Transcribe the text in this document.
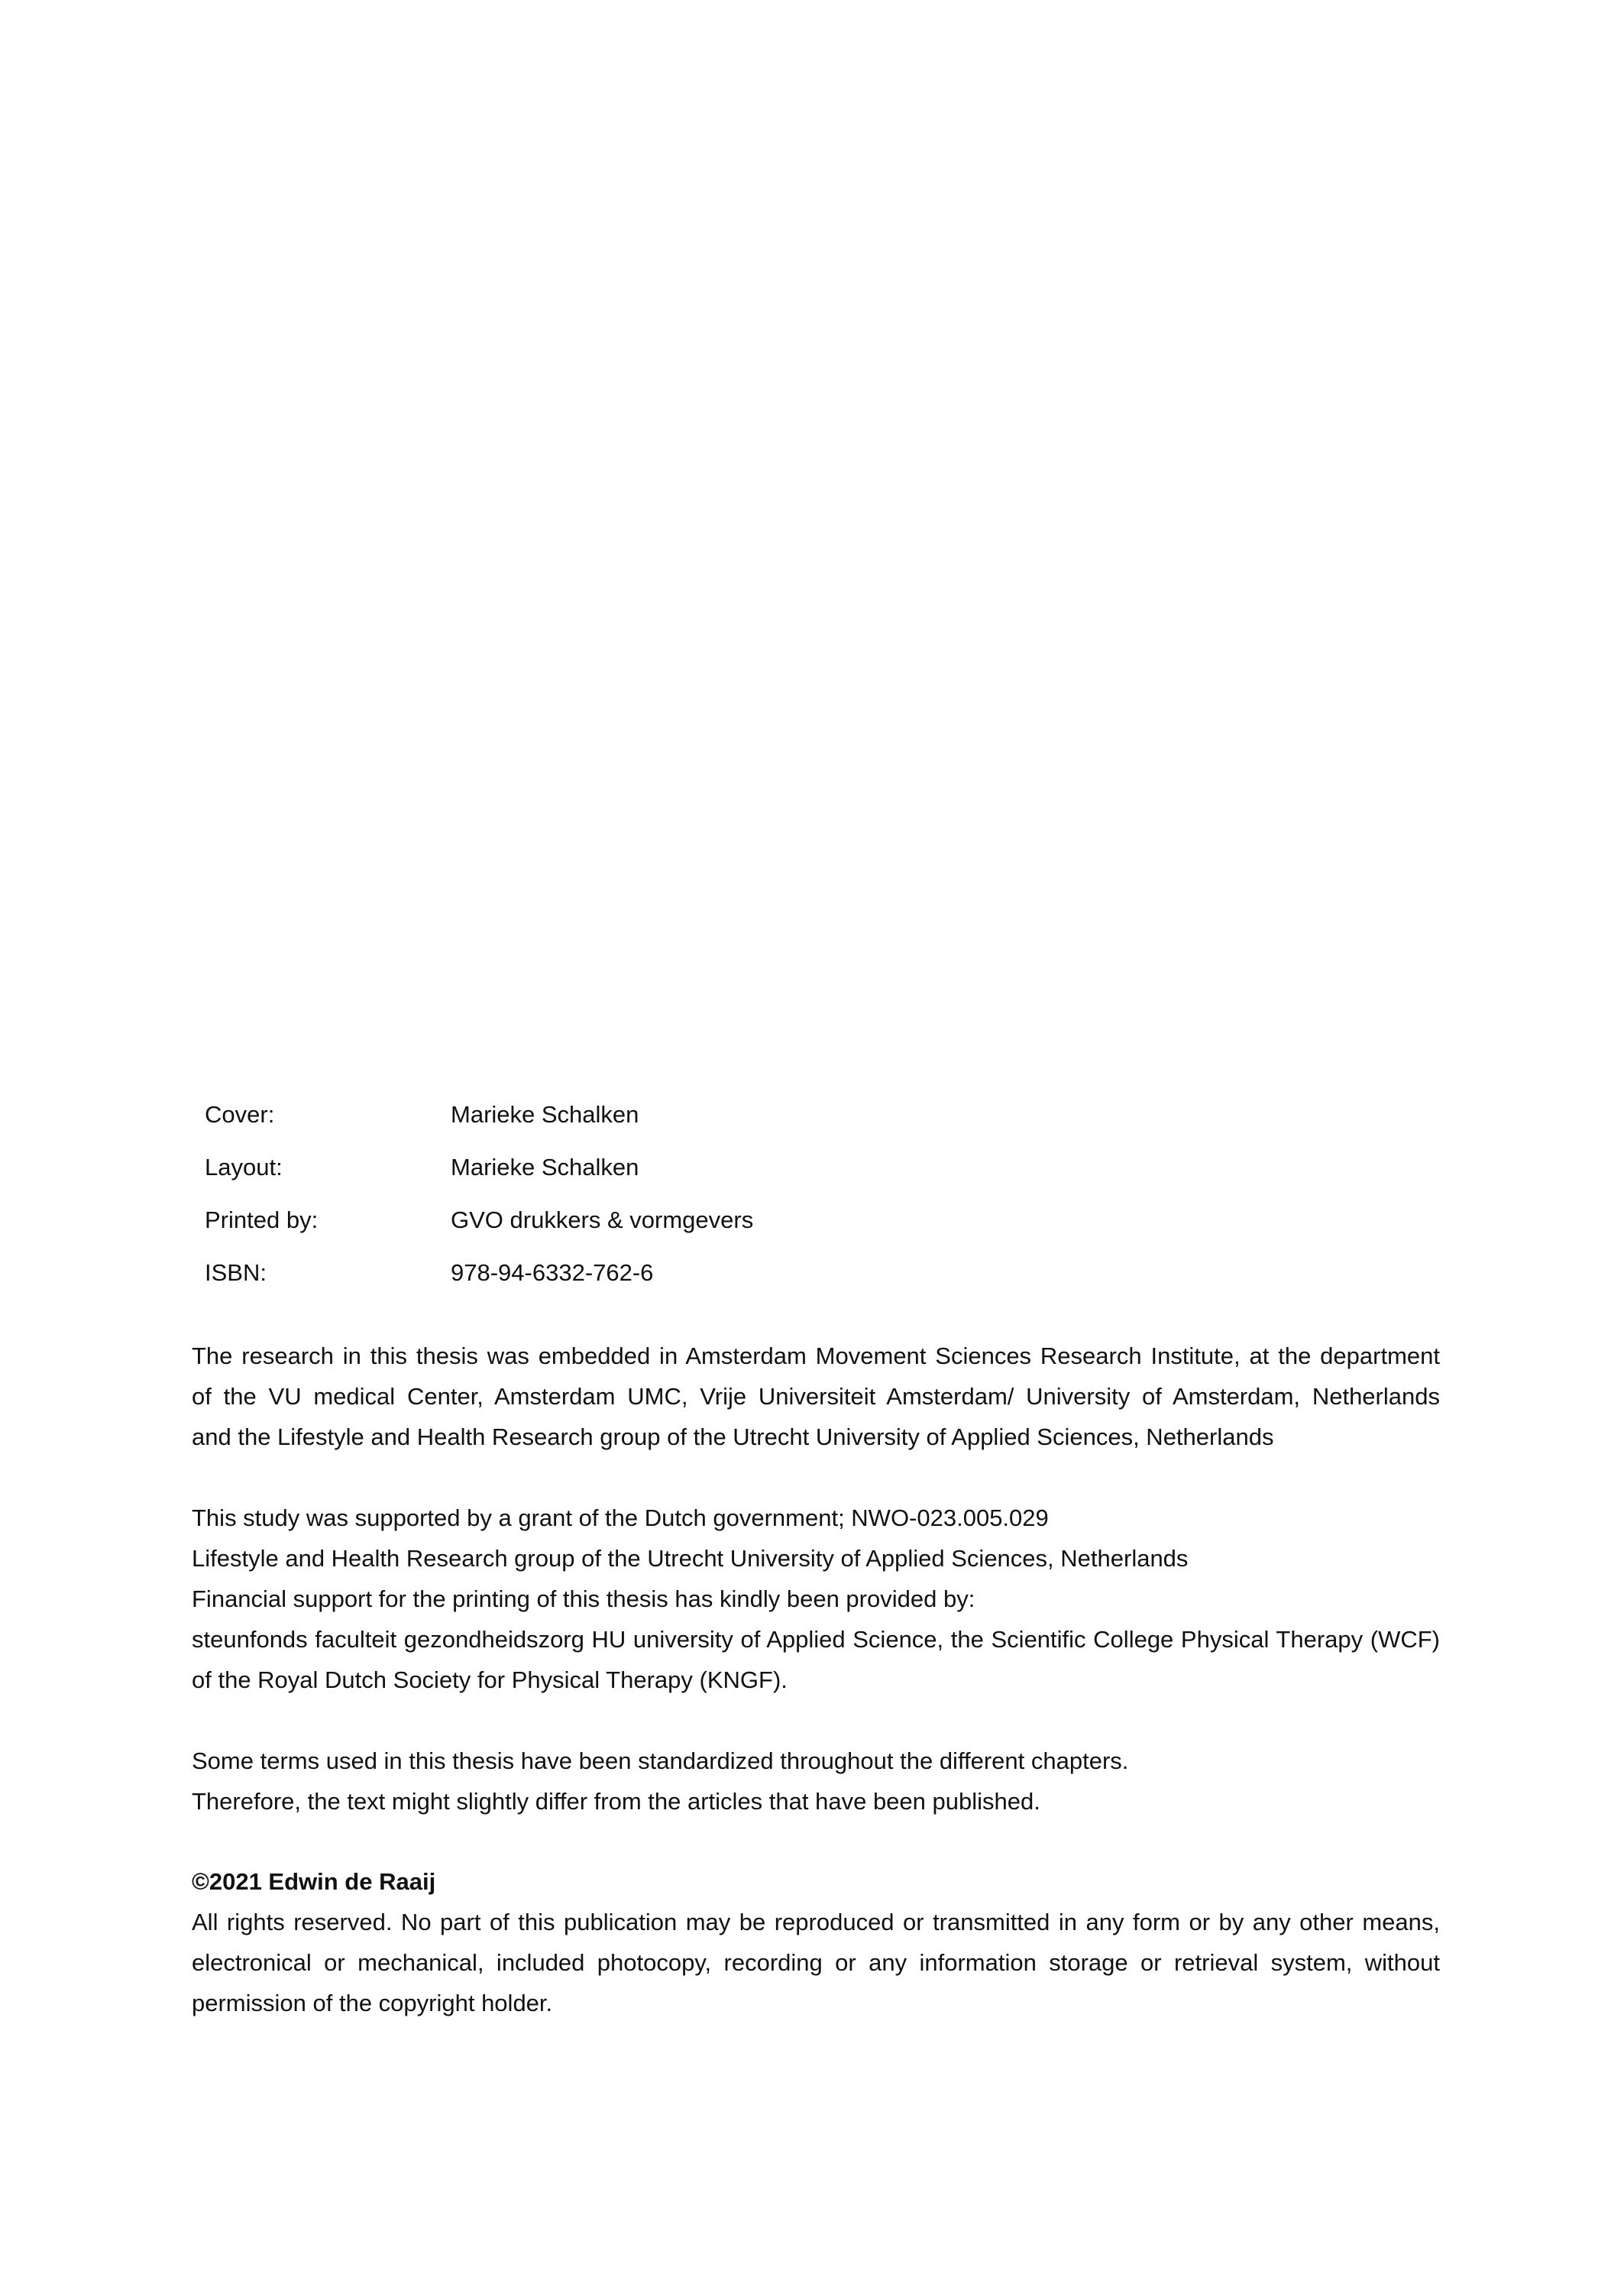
Cover:	Marieke Schalken
Layout:	Marieke Schalken
Printed by:	GVO drukkers & vormgevers
ISBN:	978-94-6332-762-6

The research in this thesis was embedded in Amsterdam Movement Sciences Research Institute, at the department

of the VU medical Center, Amsterdam UMC, Vrije Universiteit Amsterdam/ University of Amsterdam, Netherlands

and the Lifestyle and Health Research group of the Utrecht University of Applied Sciences, Netherlands

This study was supported by a grant of the Dutch government; NWO-023.005.029

Lifestyle and Health Research group of the Utrecht University of Applied Sciences, Netherlands

Financial support for the printing of this thesis has kindly been provided by:

steunfonds faculteit gezondheidszorg HU university of Applied Science, the Scientific College Physical Therapy (WCF)

of the Royal Dutch Society for Physical Therapy (KNGF).

Some terms used in this thesis have been standardized throughout the different chapters.

Therefore, the text might slightly differ from the articles that have been published.

©2021 Edwin de Raaij

All rights reserved. No part of this publication may be reproduced or transmitted in any form or by any other means,

electronical or mechanical, included photocopy, recording or any information storage or retrieval system, without

permission of the copyright holder.
